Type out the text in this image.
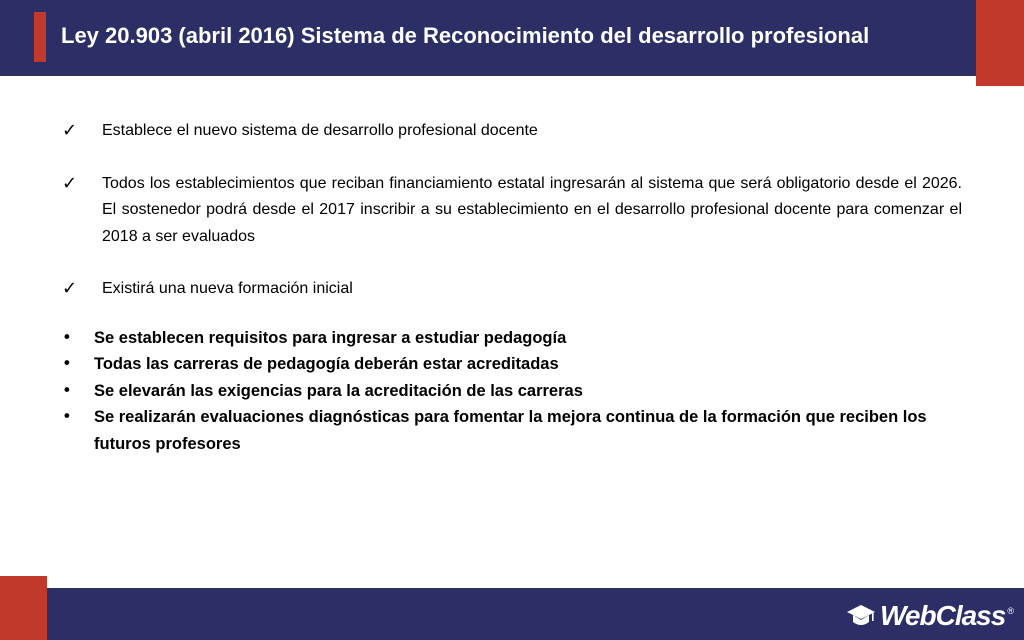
Ley 20.903 (abril 2016) Sistema de Reconocimiento del desarrollo profesional

✓ Establece el nuevo sistema de desarrollo profesional docente

✓ Todos los establecimientos que reciban financiamiento estatal ingresarán al sistema que será obligatorio desde el 2026. El sostenedor podrá desde el 2017 inscribir a su establecimiento en el desarrollo profesional docente para comenzar el 2018 a ser evaluados

✓ Existirá una nueva formación inicial

• Se establecen requisitos para ingresar a estudiar pedagogía

• Todas las carreras de pedagogía deberán estar acreditadas

• Se elevarán las exigencias para la acreditación de las carreras

• Se realizarán evaluaciones diagnósticas para fomentar la mejora continua de la formación que reciben los futuros profesores

WebClass ®
